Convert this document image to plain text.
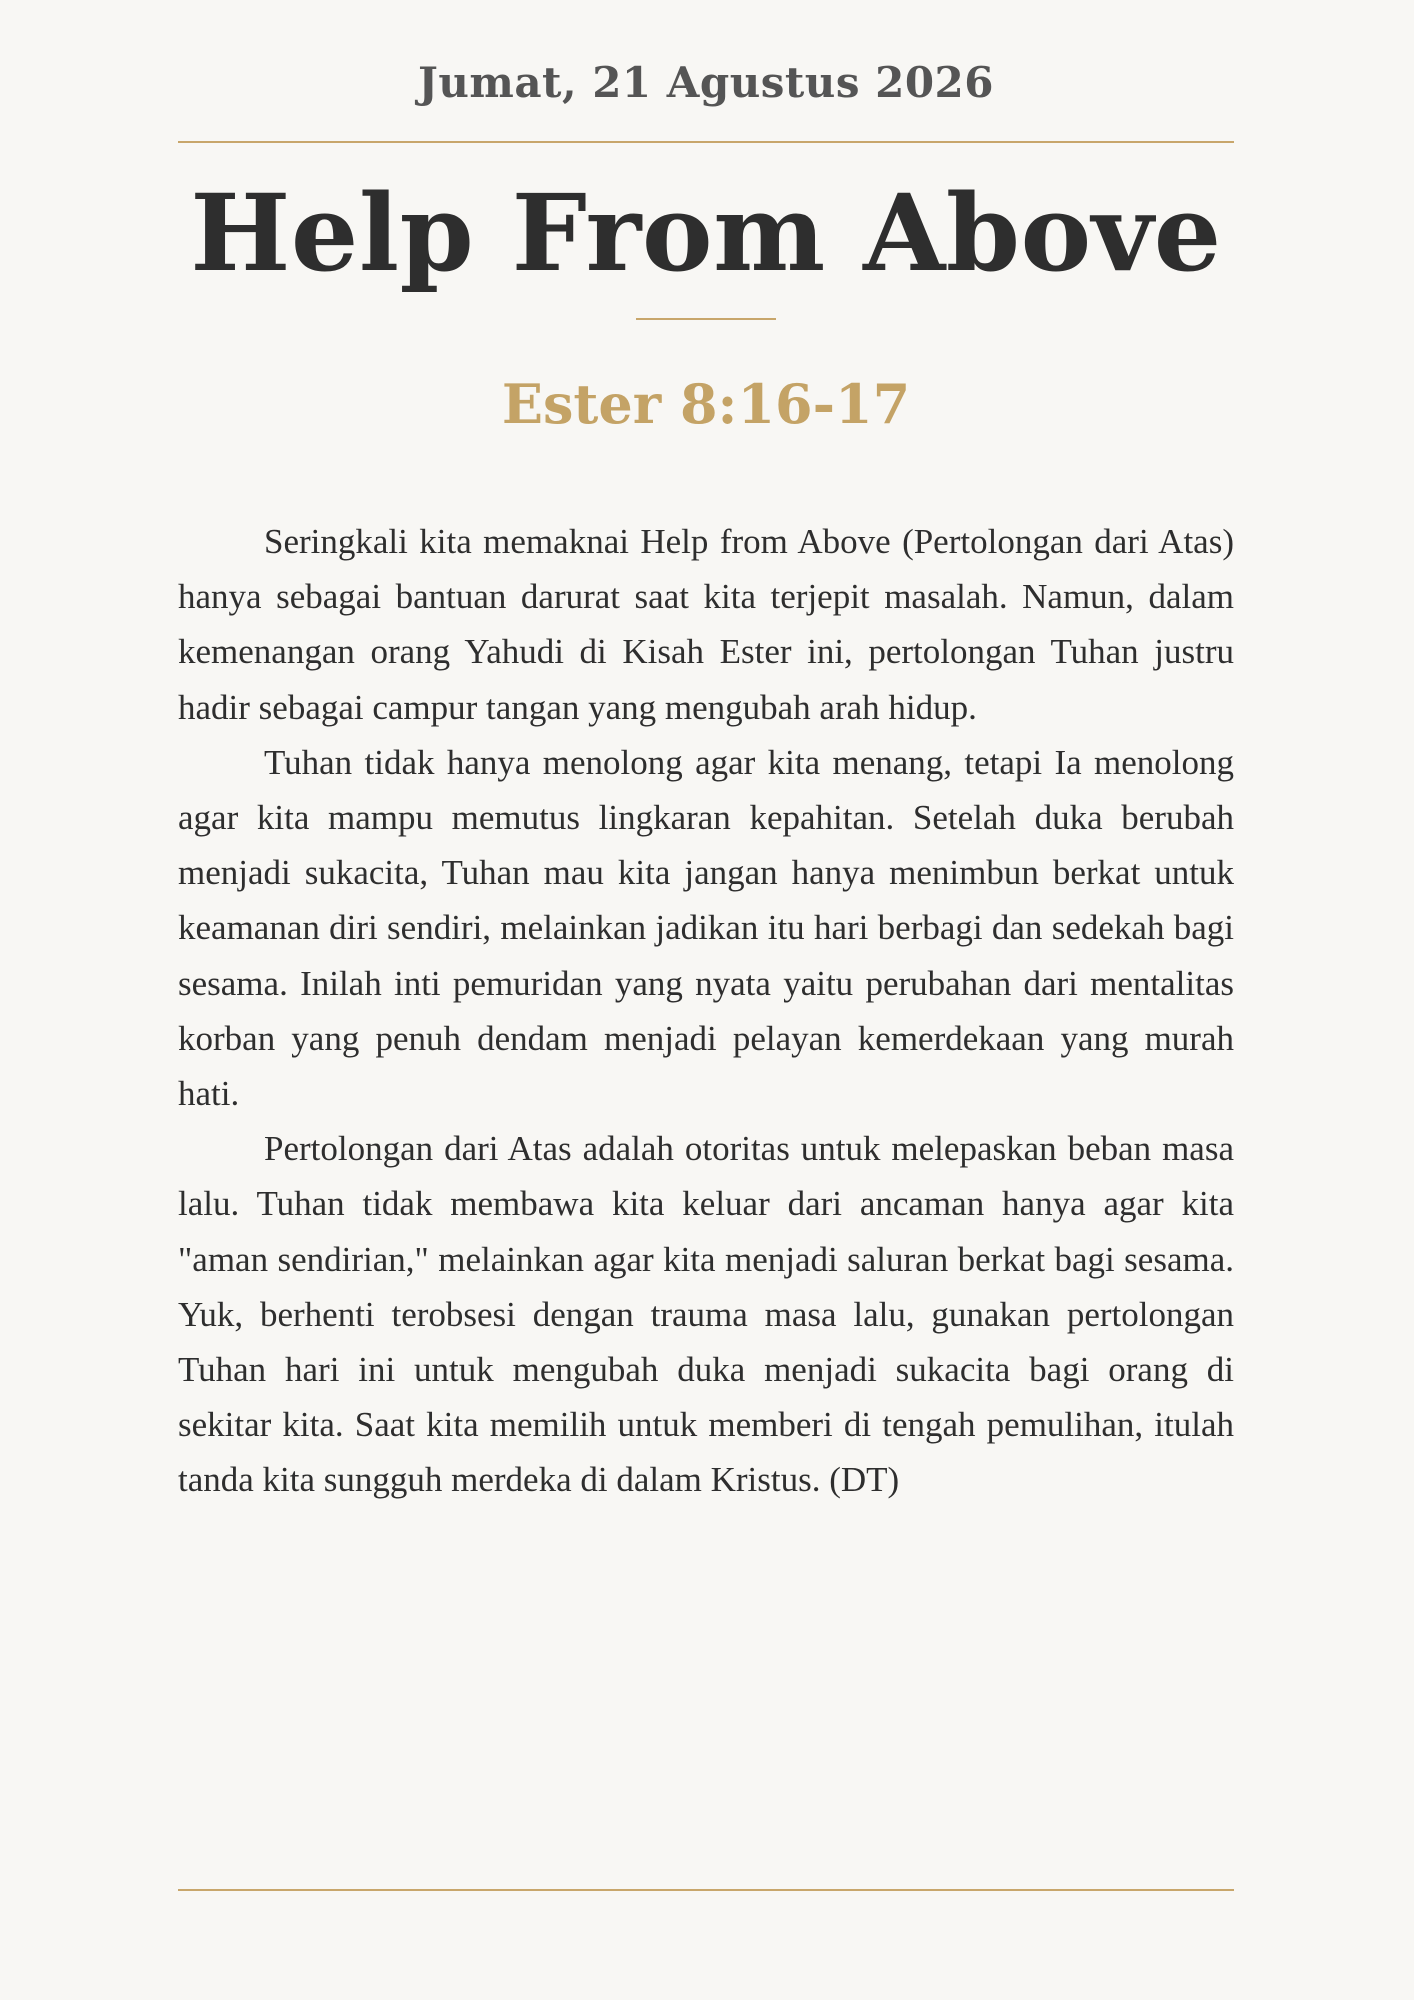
Jumat, 21 Agustus 2026
Help From Above
Ester 8:16-17

Seringkali kita memaknai Help from Above (Pertolongan dari Atas) hanya sebagai bantuan darurat saat kita terjepit masalah. Namun, dalam kemenangan orang Yahudi di Kisah Ester ini, pertolongan Tuhan justru hadir sebagai campur tangan yang mengubah arah hidup.

Tuhan tidak hanya menolong agar kita menang, tetapi Ia menolong agar kita mampu memutus lingkaran kepahitan. Setelah duka berubah menjadi sukacita, Tuhan mau kita jangan hanya menimbun berkat untuk keamanan diri sendiri, melainkan jadikan itu hari berbagi dan sedekah bagi sesama. Inilah inti pemuridan yang nyata yaitu perubahan dari mentalitas korban yang penuh dendam menjadi pelayan kemerdekaan yang murah hati.

Pertolongan dari Atas adalah otoritas untuk melepaskan beban masa lalu. Tuhan tidak membawa kita keluar dari ancaman hanya agar kita "aman sendirian," melainkan agar kita menjadi saluran berkat bagi sesama. Yuk, berhenti terobsesi dengan trauma masa lalu, gunakan pertolongan Tuhan hari ini untuk mengubah duka menjadi sukacita bagi orang di sekitar kita. Saat kita memilih untuk memberi di tengah pemulihan, itulah tanda kita sungguh merdeka di dalam Kristus. (DT)
